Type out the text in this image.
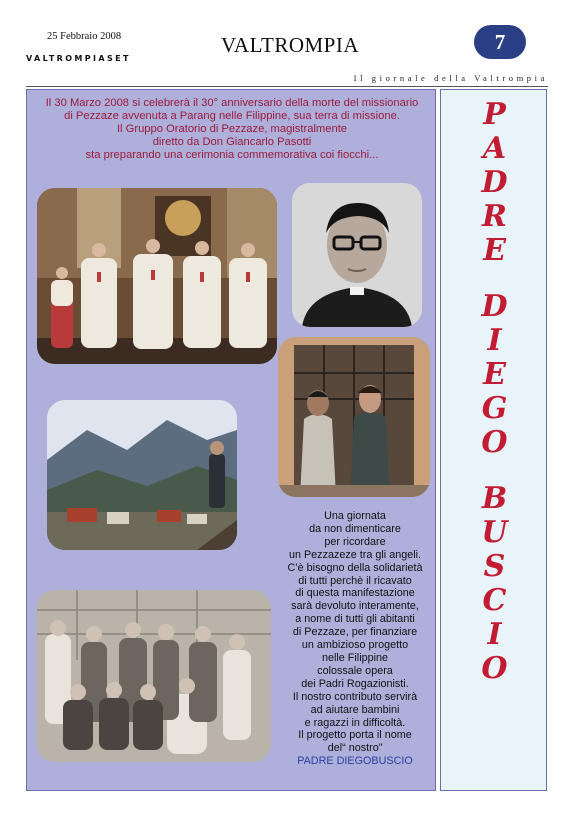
25 Febbraio 2008
VALTROMPIASET
VALTROMPIA	7
Il giornale della Valtrompia
Il 30 Marzo 2008 si celebrerà il 30° anniversario della morte del missionario
di Pezzaze avvenuta a Parang nelle Filippine, sua terra di missione.
Il Gruppo Oratorio di Pezzaze, magistralmente
diretto da Don Giancarlo Pasotti
sta preparando una cerimonia commemorativa coi fiocchi...
Una giornata
da non dimenticare
per ricordare
un Pezzazeze tra gli angeli.
C’è bisogno della solidarietà
di tutti perchè il ricavato
di questa manifestazione
sarà devoluto interamente,
a nome di tutti gli abitanti
di Pezzaze, per finanziare
un ambizioso progetto
nelle Filippine
colossale opera
dei Padri Rogazionisti.
Il nostro contributo servirà
ad aiutare bambini
e ragazzi in difficoltà.
Il progetto porta il nome
del“ nostro”
PADRE DIEGOBUSCIO
P
A
D
R
E
D
I
E
G
O
B
U
S
C
I
O
